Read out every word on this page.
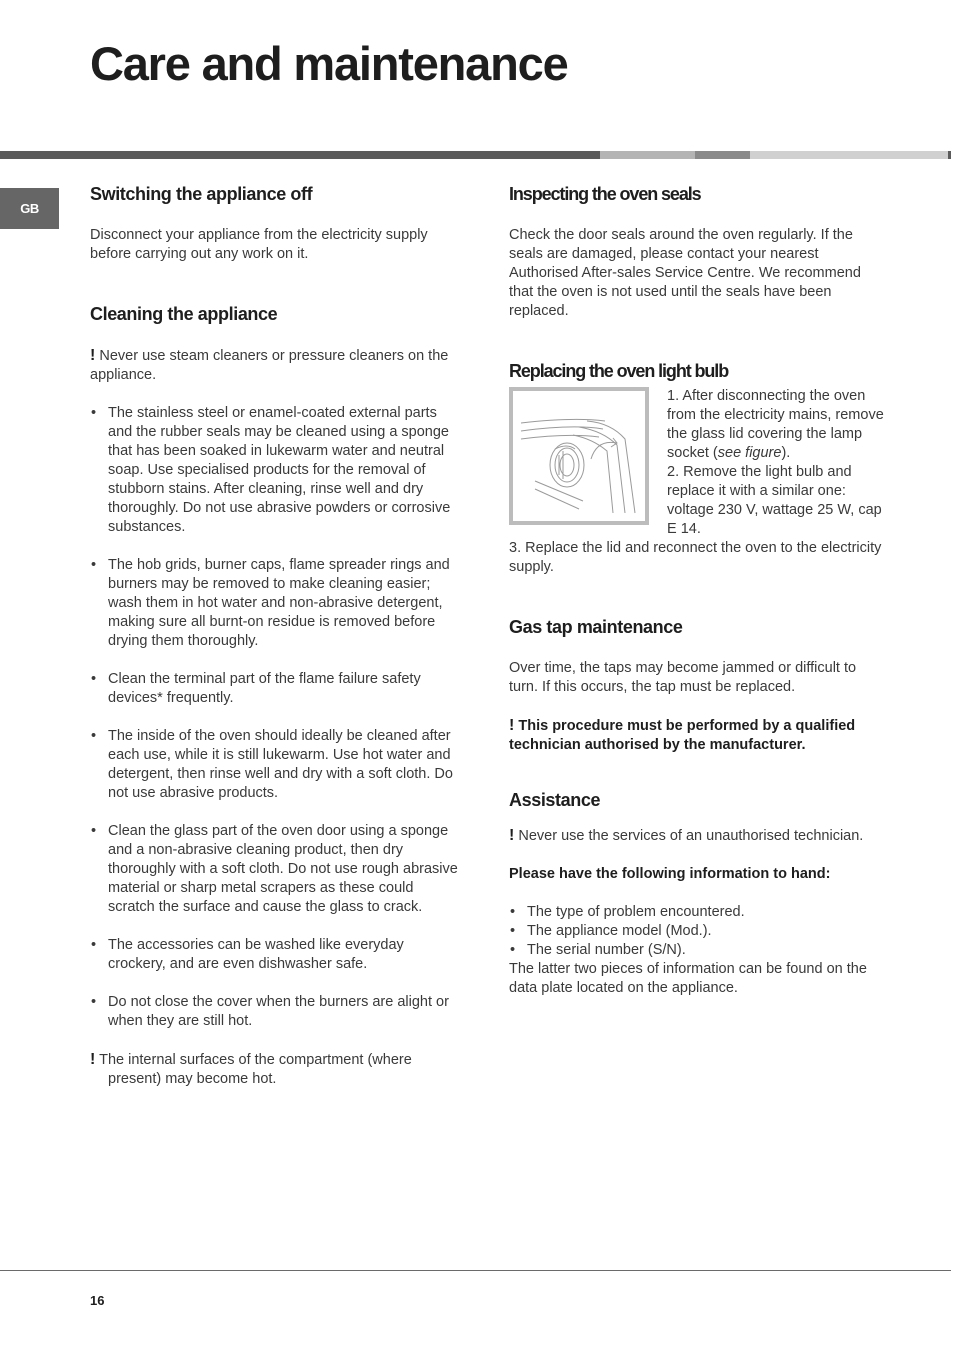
Care and maintenance
GB
Switching the appliance off

Disconnect your appliance from the electricity supply before carrying out any work on it.

Cleaning the appliance

! Never use steam cleaners or pressure cleaners on the appliance.

• The stainless steel or enamel-coated external parts and the rubber seals may be cleaned using a sponge that has been soaked in lukewarm water and neutral soap. Use specialised products for the removal of stubborn stains. After cleaning, rinse well and dry thoroughly. Do not use abrasive powders or corrosive substances.
• The hob grids, burner caps, flame spreader rings and burners may be removed to make cleaning easier; wash them in hot water and non-abrasive detergent, making sure all burnt-on residue is removed before drying them thoroughly.
• Clean the terminal part of the flame failure safety devices* frequently.
• The inside of the oven should ideally be cleaned after each use, while it is still lukewarm. Use hot water and detergent, then rinse well and dry with a soft cloth. Do not use abrasive products.
• Clean the glass part of the oven door using a sponge and a non-abrasive cleaning product, then dry thoroughly with a soft cloth. Do not use rough abrasive material or sharp metal scrapers as these could scratch the surface and cause the glass to crack.
• The accessories can be washed like everyday crockery, and are even dishwasher safe.
• Do not close the cover when the burners are alight or when they are still hot.

! The internal surfaces of the compartment (where present) may become hot.

Inspecting the oven seals

Check the door seals around the oven regularly. If the seals are damaged, please contact your nearest Authorised After-sales Service Centre. We recommend that the oven is not used until the seals have been replaced.

Replacing the oven light bulb

1. After disconnecting the oven from the electricity mains, remove the glass lid covering the lamp socket (see figure).

2. Remove the light bulb and replace it with a similar one: voltage 230 V, wattage 25 W, cap E 14.

3. Replace the lid and reconnect the oven to the electricity supply.

Gas tap maintenance

Over time, the taps may become jammed or difficult to turn. If this occurs, the tap must be replaced.

! This procedure must be performed by a qualified technician authorised by the manufacturer.

Assistance

! Never use the services of an unauthorised technician.

Please have the following information to hand:

• The type of problem encountered.
• The appliance model (Mod.).
• The serial number (S/N).

The latter two pieces of information can be found on the data plate located on the appliance.

16
